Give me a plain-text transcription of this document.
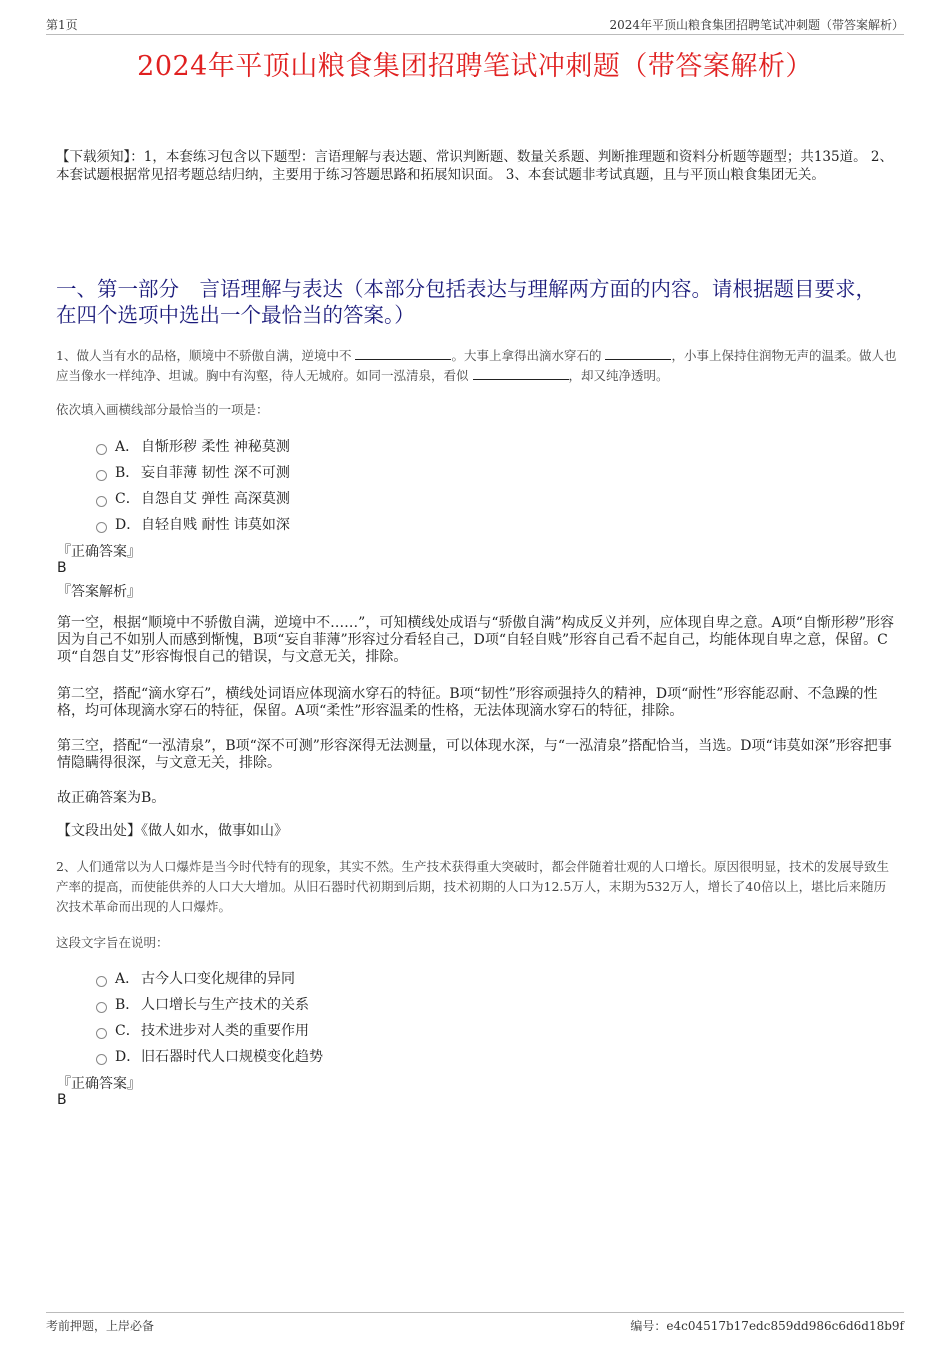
第1页	2024年平顶山粮食集团招聘笔试冲刺题（带答案解析）
2024年平顶山粮食集团招聘笔试冲刺题（带答案解析）
【下载须知】：1，本套练习包含以下题型：言语理解与表达题、常识判断题、数量关系题、判断推理题和资料分析题等题型；共135道。 2、本套试题根据常见招考题总结归纳，主要用于练习答题思路和拓展知识面。 3、本套试题非考试真题，且与平顶山粮食集团无关。
一、第一部分　言语理解与表达（本部分包括表达与理解两方面的内容。请根据题目要求，在四个选项中选出一个最恰当的答案。）
1、做人当有水的品格，顺境中不骄傲自满，逆境中不	。大事上拿得出滴水穿石的	，小事上保持住润物无声的温柔。做人也应当像水一样纯净、坦诚。胸中有沟壑，待人无城府。如同一泓清泉，看似	，却又纯净透明。
依次填入画横线部分最恰当的一项是：
A． 自惭形秽 柔性 神秘莫测
B． 妄自菲薄 韧性 深不可测
C．自怨自艾 弹性 高深莫测
D．自轻自贱 耐性 讳莫如深
『正确答案』
B
『答案解析』
第一空，根据“顺境中不骄傲自满，逆境中不……”，可知横线处成语与“骄傲自满”构成反义并列，应体现自卑之意。A项“自惭形秽”形容因为自己不如别人而感到惭愧，B项“妄自菲薄”形容过分看轻自己，D项“自轻自贱”形容自己看不起自己，均能体现自卑之意，保留。C项“自怨自艾”形容悔恨自己的错误，与文意无关，排除。
第二空，搭配“滴水穿石”，横线处词语应体现滴水穿石的特征。B项“韧性”形容顽强持久的精神，D项“耐性”形容能忍耐、不急躁的性格，均可体现滴水穿石的特征，保留。A项“柔性”形容温柔的性格，无法体现滴水穿石的特征，排除。
第三空，搭配“一泓清泉”，B项“深不可测”形容深得无法测量，可以体现水深，与“一泓清泉”搭配恰当，当选。D项“讳莫如深”形容把事情隐瞒得很深，与文意无关，排除。
故正确答案为B。
【文段出处】《做人如水，做事如山》
2、人们通常以为人口爆炸是当今时代特有的现象，其实不然。生产技术获得重大突破时，都会伴随着壮观的人口增长。原因很明显，技术的发展导致生产率的提高，而使能供养的人口大大增加。从旧石器时代初期到后期，技术初期的人口为12.5万人，末期为532万人，增长了40倍以上，堪比后来随历次技术革命而出现的人口爆炸。
这段文字旨在说明：
A． 古今人口变化规律的异同
B． 人口增长与生产技术的关系
C．技术进步对人类的重要作用
D．旧石器时代人口规模变化趋势
『正确答案』
B
考前押题，上岸必备	编号：e4c04517b17edc859dd986c6d6d18b9f
